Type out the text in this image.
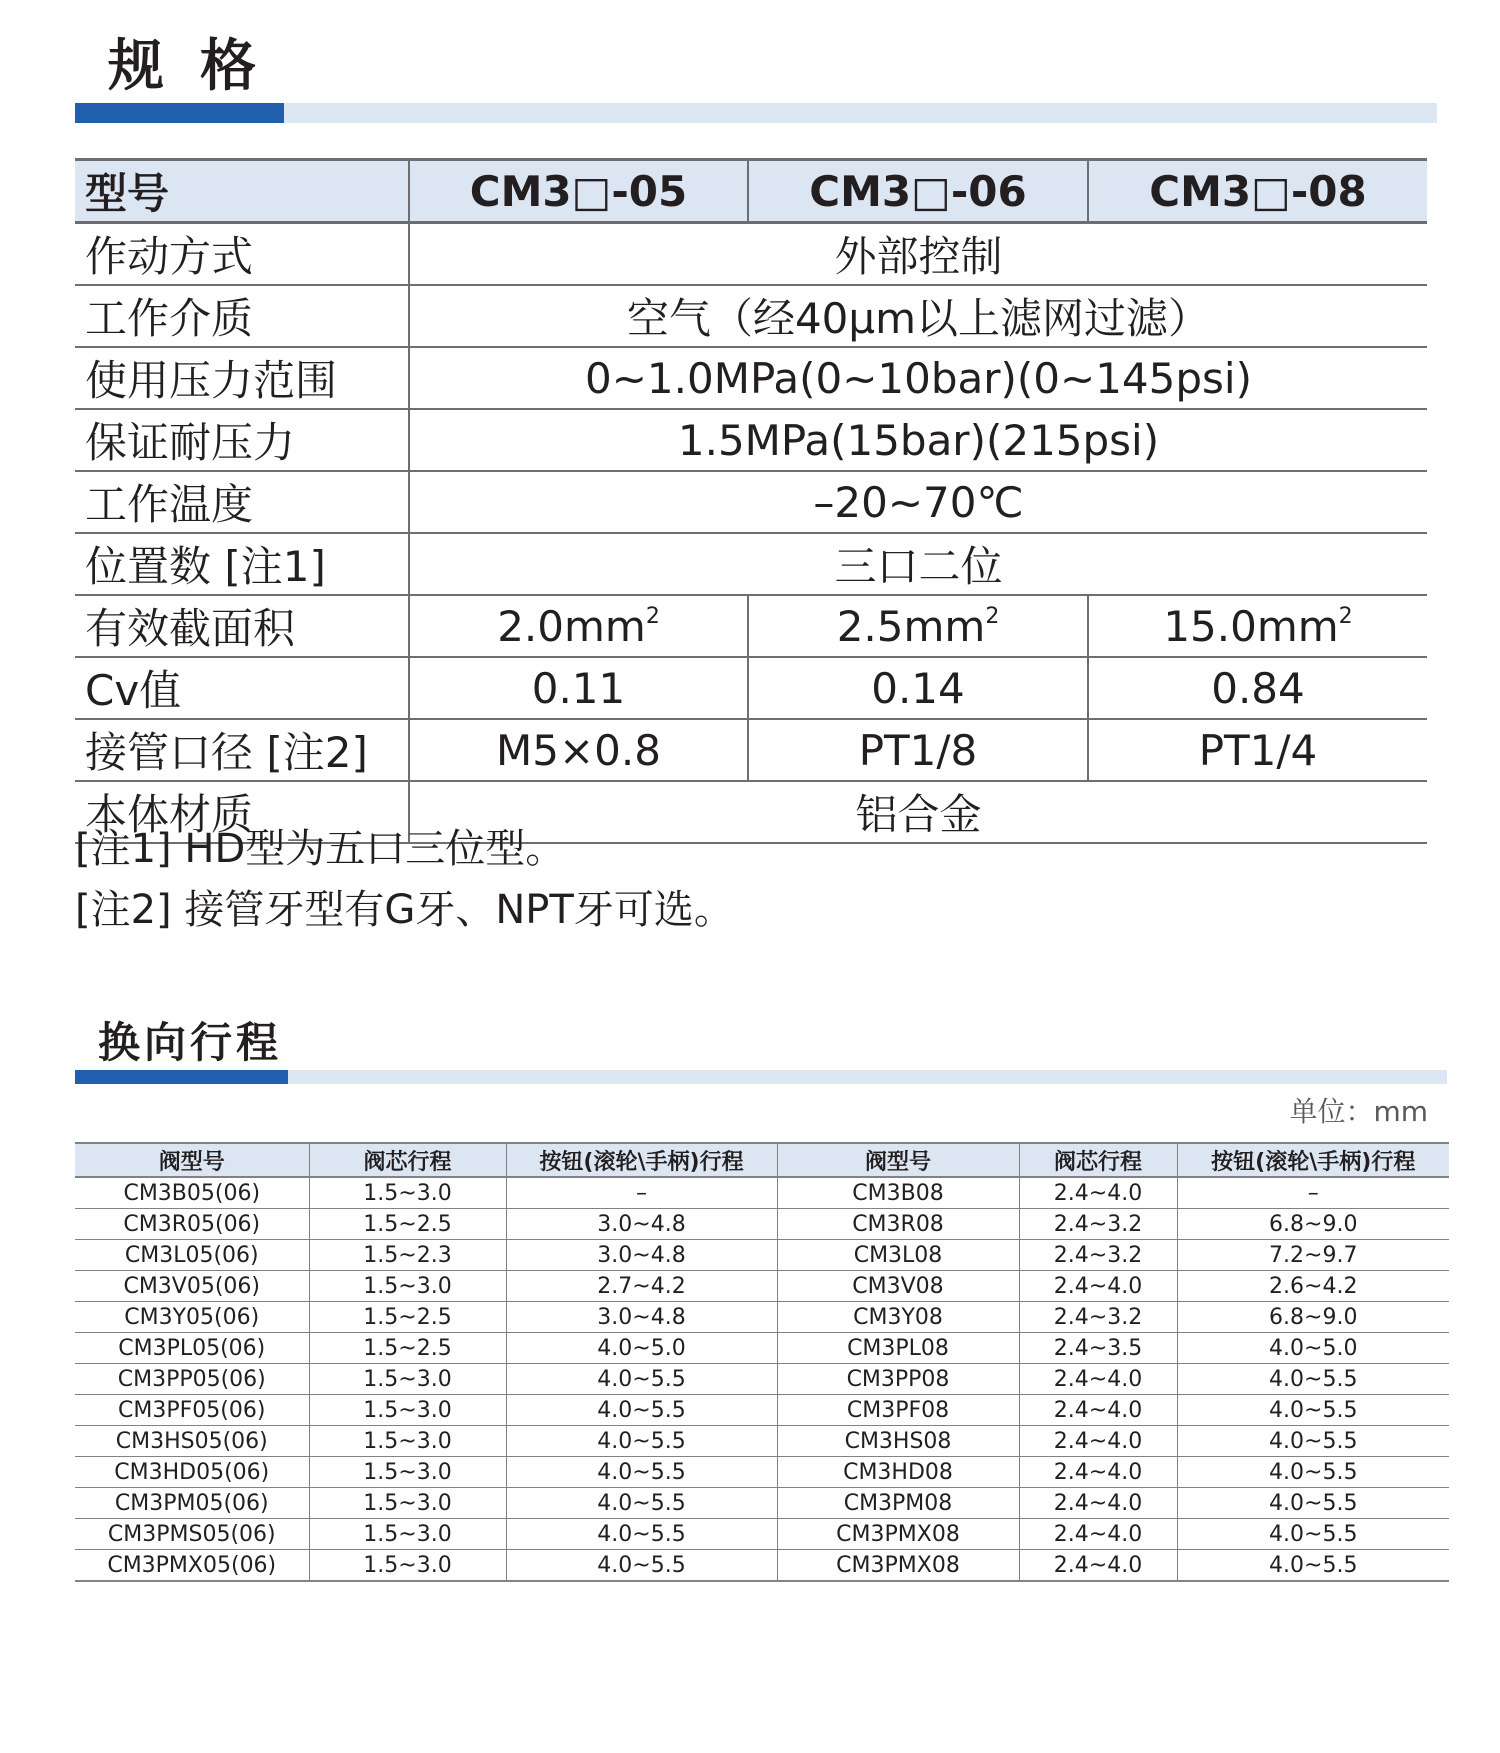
规格
型号	CM3□-05	CM3□-06	CM3□-08
作动方式	外部控制		
工作介质	空气（经40μm以上滤网过滤）		
使用压力范围	0~1.0MPa(0~10bar)(0~145psi)		
保证耐压力	1.5MPa(15bar)(215psi)		
工作温度	–20~70℃		
位置数 [注1]	三口二位		
有效截面积	$2.0mm^2$	$2.5mm^2$	$15.0mm^2$
Cv值	0.11	0.14	0.84
接管口径 [注2]	M5×0.8	PT1/8	PT1/4
本体材质	铝合金		
[注1] HD型为五口三位型。
[注2] 接管牙型有G牙、NPT牙可选。
换向行程
单位：mm
阀型号	阀芯行程	按钮(滚轮\手柄)行程	阀型号	阀芯行程	按钮(滚轮\手柄)行程
CM3B05(06)	1.5~3.0	–	CM3B08	2.4~4.0	–
CM3R05(06)	1.5~2.5	3.0~4.8	CM3R08	2.4~3.2	6.8~9.0
CM3L05(06)	1.5~2.3	3.0~4.8	CM3L08	2.4~3.2	7.2~9.7
CM3V05(06)	1.5~3.0	2.7~4.2	CM3V08	2.4~4.0	2.6~4.2
CM3Y05(06)	1.5~2.5	3.0~4.8	CM3Y08	2.4~3.2	6.8~9.0
CM3PL05(06)	1.5~2.5	4.0~5.0	CM3PL08	2.4~3.5	4.0~5.0
CM3PP05(06)	1.5~3.0	4.0~5.5	CM3PP08	2.4~4.0	4.0~5.5
CM3PF05(06)	1.5~3.0	4.0~5.5	CM3PF08	2.4~4.0	4.0~5.5
CM3HS05(06)	1.5~3.0	4.0~5.5	CM3HS08	2.4~4.0	4.0~5.5
CM3HD05(06)	1.5~3.0	4.0~5.5	CM3HD08	2.4~4.0	4.0~5.5
CM3PM05(06)	1.5~3.0	4.0~5.5	CM3PM08	2.4~4.0	4.0~5.5
CM3PMS05(06)	1.5~3.0	4.0~5.5	CM3PMX08	2.4~4.0	4.0~5.5
CM3PMX05(06)	1.5~3.0	4.0~5.5	CM3PMX08	2.4~4.0	4.0~5.5
